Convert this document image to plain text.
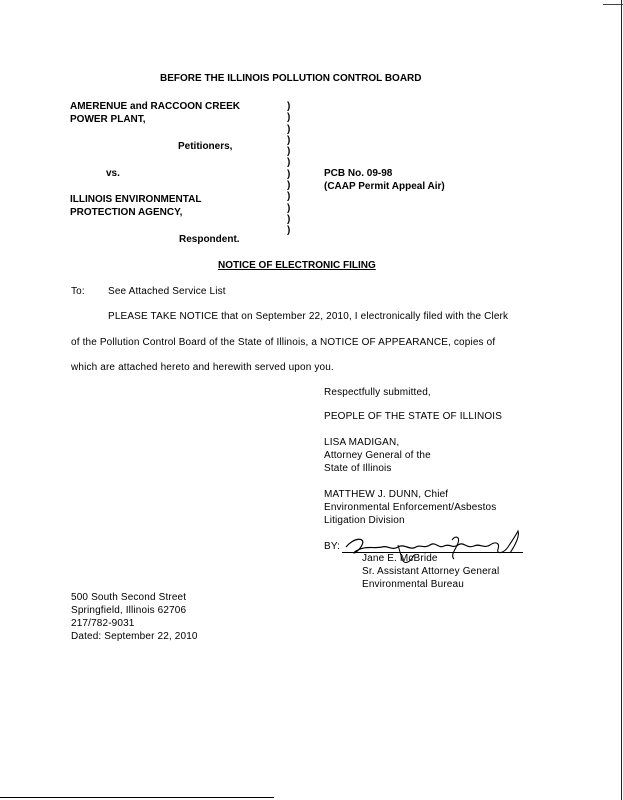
BEFORE THE ILLINOIS POLLUTION CONTROL BOARD
AMERENUE and RACCOON CREEK
POWER PLANT,
Petitioners,
vs.
ILLINOIS ENVIRONMENTAL
PROTECTION AGENCY,
Respondent.
)
)
)
)
)
)
)
)
)
)
)
)
PCB No. 09-98
(CAAP Permit Appeal Air)
NOTICE OF ELECTRONIC FILING
To: See Attached Service List
PLEASE TAKE NOTICE that on September 22, 2010, I electronically filed with the Clerk
of the Pollution Control Board of the State of Illinois, a NOTICE OF APPEARANCE, copies of
which are attached hereto and herewith served upon you.
Respectfully submitted,
PEOPLE OF THE STATE OF ILLINOIS
LISA MADIGAN,
Attorney General of the
State of Illinois
MATTHEW J. DUNN, Chief
Environmental Enforcement/Asbestos
Litigation Division
BY:
Jane E. McBride
Sr. Assistant Attorney General
Environmental Bureau
500 South Second Street
Springfield, Illinois 62706
217/782-9031
Dated: September 22, 2010
